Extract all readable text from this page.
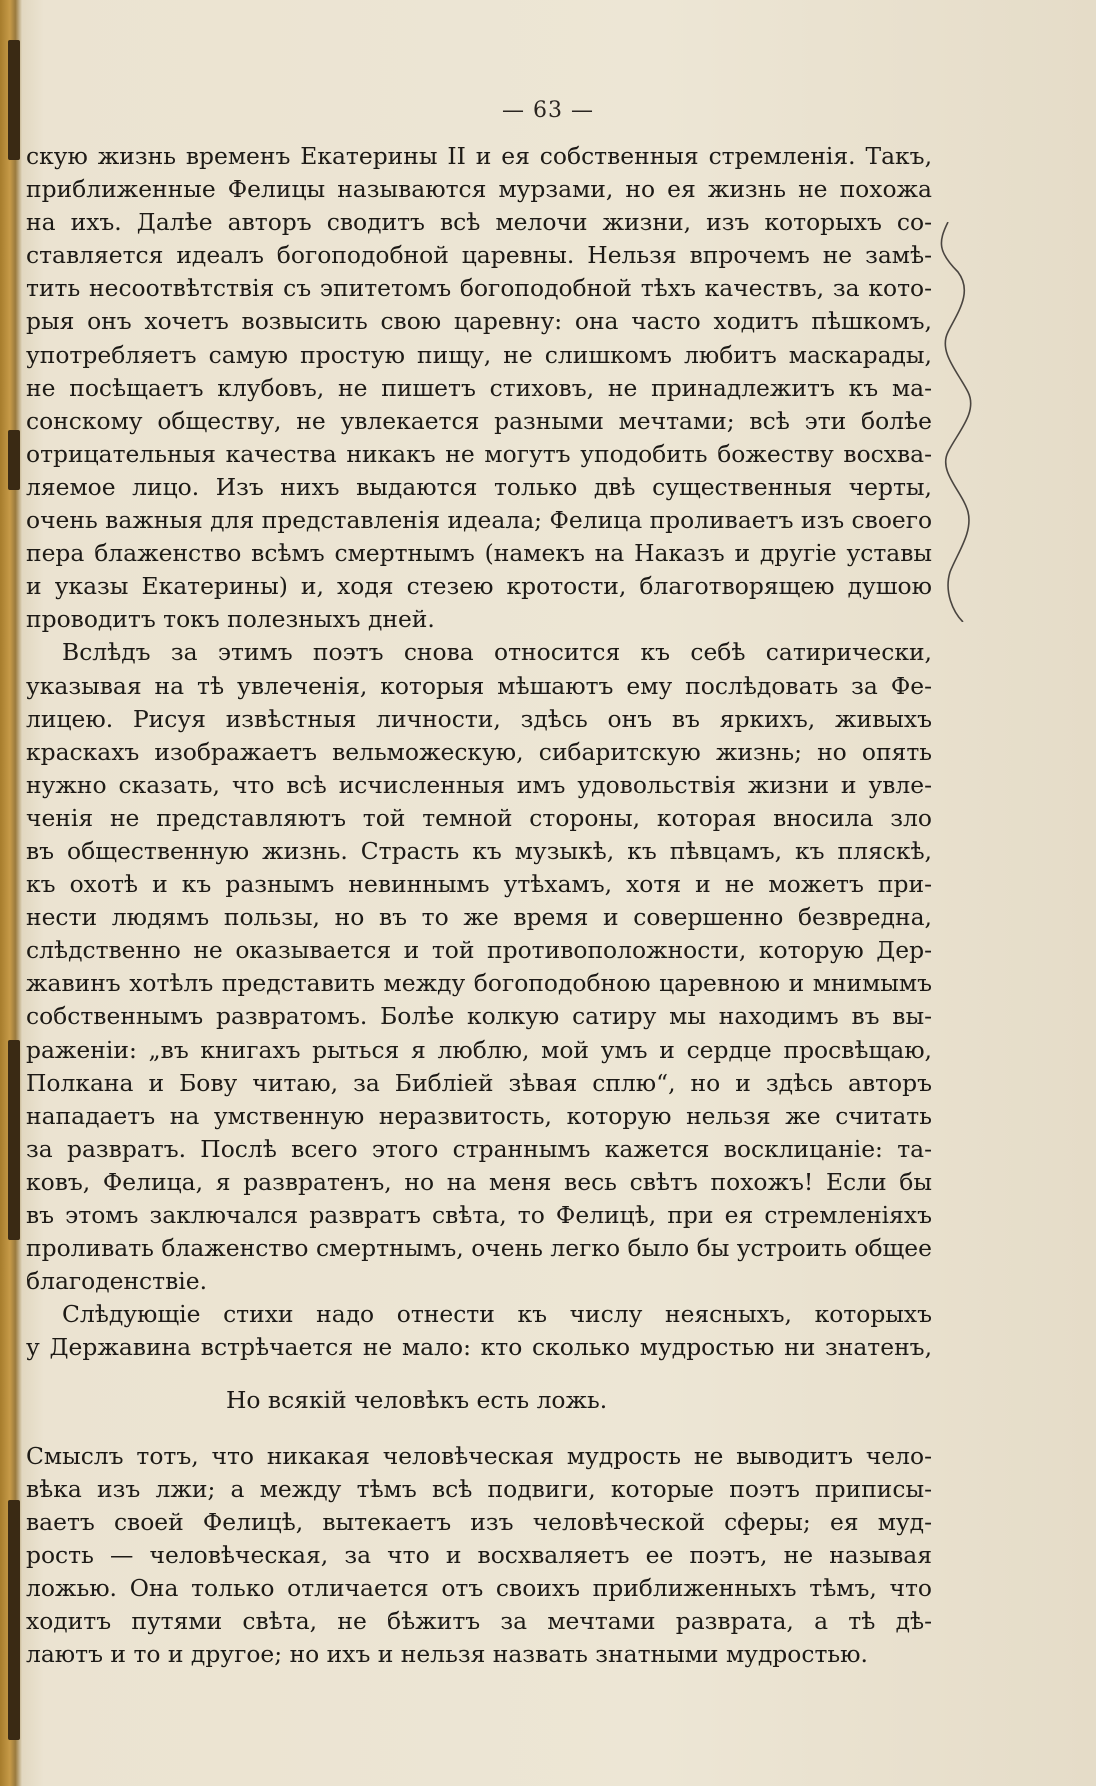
— 63 —
скую жизнь временъ Екатерины II и ея собственныя стремленія. Такъ,
приближенные Фелицы называются мурзами, но ея жизнь не похожа
на ихъ. Далѣе авторъ сводитъ всѣ мелочи жизни, изъ которыхъ со-
ставляется идеалъ богоподобной царевны. Нельзя впрочемъ не замѣ-
тить несоотвѣтствія съ эпитетомъ богоподобной тѣхъ качествъ, за кото-
рыя онъ хочетъ возвысить свою царевну: она часто ходитъ пѣшкомъ,
употребляетъ самую простую пищу, не слишкомъ любитъ маскарады,
не посѣщаетъ клубовъ, не пишетъ стиховъ, не принадлежитъ къ ма-
сонскому обществу, не увлекается разными мечтами; всѣ эти болѣе
отрицательныя качества никакъ не могутъ уподобить божеству восхва-
ляемое лицо. Изъ нихъ выдаются только двѣ существенныя черты,
очень важныя для представленія идеала; Фелица проливаетъ изъ своего
пера блаженство всѣмъ смертнымъ (намекъ на Наказъ и другіе уставы
и указы Екатерины) и, ходя стезею кротости, благотворящею душою
проводитъ токъ полезныхъ дней.
Вслѣдъ за этимъ поэтъ снова относится къ себѣ сатирически,
указывая на тѣ увлеченія, которыя мѣшаютъ ему послѣдовать за Фе-
лицею. Рисуя извѣстныя личности, здѣсь онъ въ яркихъ, живыхъ
краскахъ изображаетъ вельможескую, сибаритскую жизнь; но опять
нужно сказать, что всѣ исчисленныя имъ удовольствія жизни и увле-
ченія не представляютъ той темной стороны, которая вносила зло
въ общественную жизнь. Страсть къ музыкѣ, къ пѣвцамъ, къ пляскѣ,
къ охотѣ и къ разнымъ невиннымъ утѣхамъ, хотя и не можетъ при-
нести людямъ пользы, но въ то же время и совершенно безвредна,
слѣдственно не оказывается и той противоположности, которую Дер-
жавинъ хотѣлъ представить между богоподобною царевною и мнимымъ
собственнымъ развратомъ. Болѣе колкую сатиру мы находимъ въ вы-
раженіи: „въ книгахъ рыться я люблю, мой умъ и сердце просвѣщаю,
Полкана и Бову читаю, за Библіей зѣвая сплю“, но и здѣсь авторъ
нападаетъ на умственную неразвитость, которую нельзя же считать
за развратъ. Послѣ всего этого страннымъ кажется восклицаніе: та-
ковъ, Фелица, я развратенъ, но на меня весь свѣтъ похожъ! Если бы
въ этомъ заключался развратъ свѣта, то Фелицѣ, при ея стремленіяхъ
проливать блаженство смертнымъ, очень легко было бы устроить общее
благоденствіе.
Слѣдующіе стихи надо отнести къ числу неясныхъ, которыхъ
у Державина встрѣчается не мало: кто сколько мудростью ни знатенъ,
Но всякій человѣкъ есть ложь.
Смыслъ тотъ, что никакая человѣческая мудрость не выводитъ чело-
вѣка изъ лжи; а между тѣмъ всѣ подвиги, которые поэтъ приписы-
ваетъ своей Фелицѣ, вытекаетъ изъ человѣческой сферы; ея муд-
рость — человѣческая, за что и восхваляетъ ее поэтъ, не называя
ложью. Она только отличается отъ своихъ приближенныхъ тѣмъ, что
ходитъ путями свѣта, не бѣжитъ за мечтами разврата, а тѣ дѣ-
лаютъ и то и другое; но ихъ и нельзя назвать знатными мудростью.
